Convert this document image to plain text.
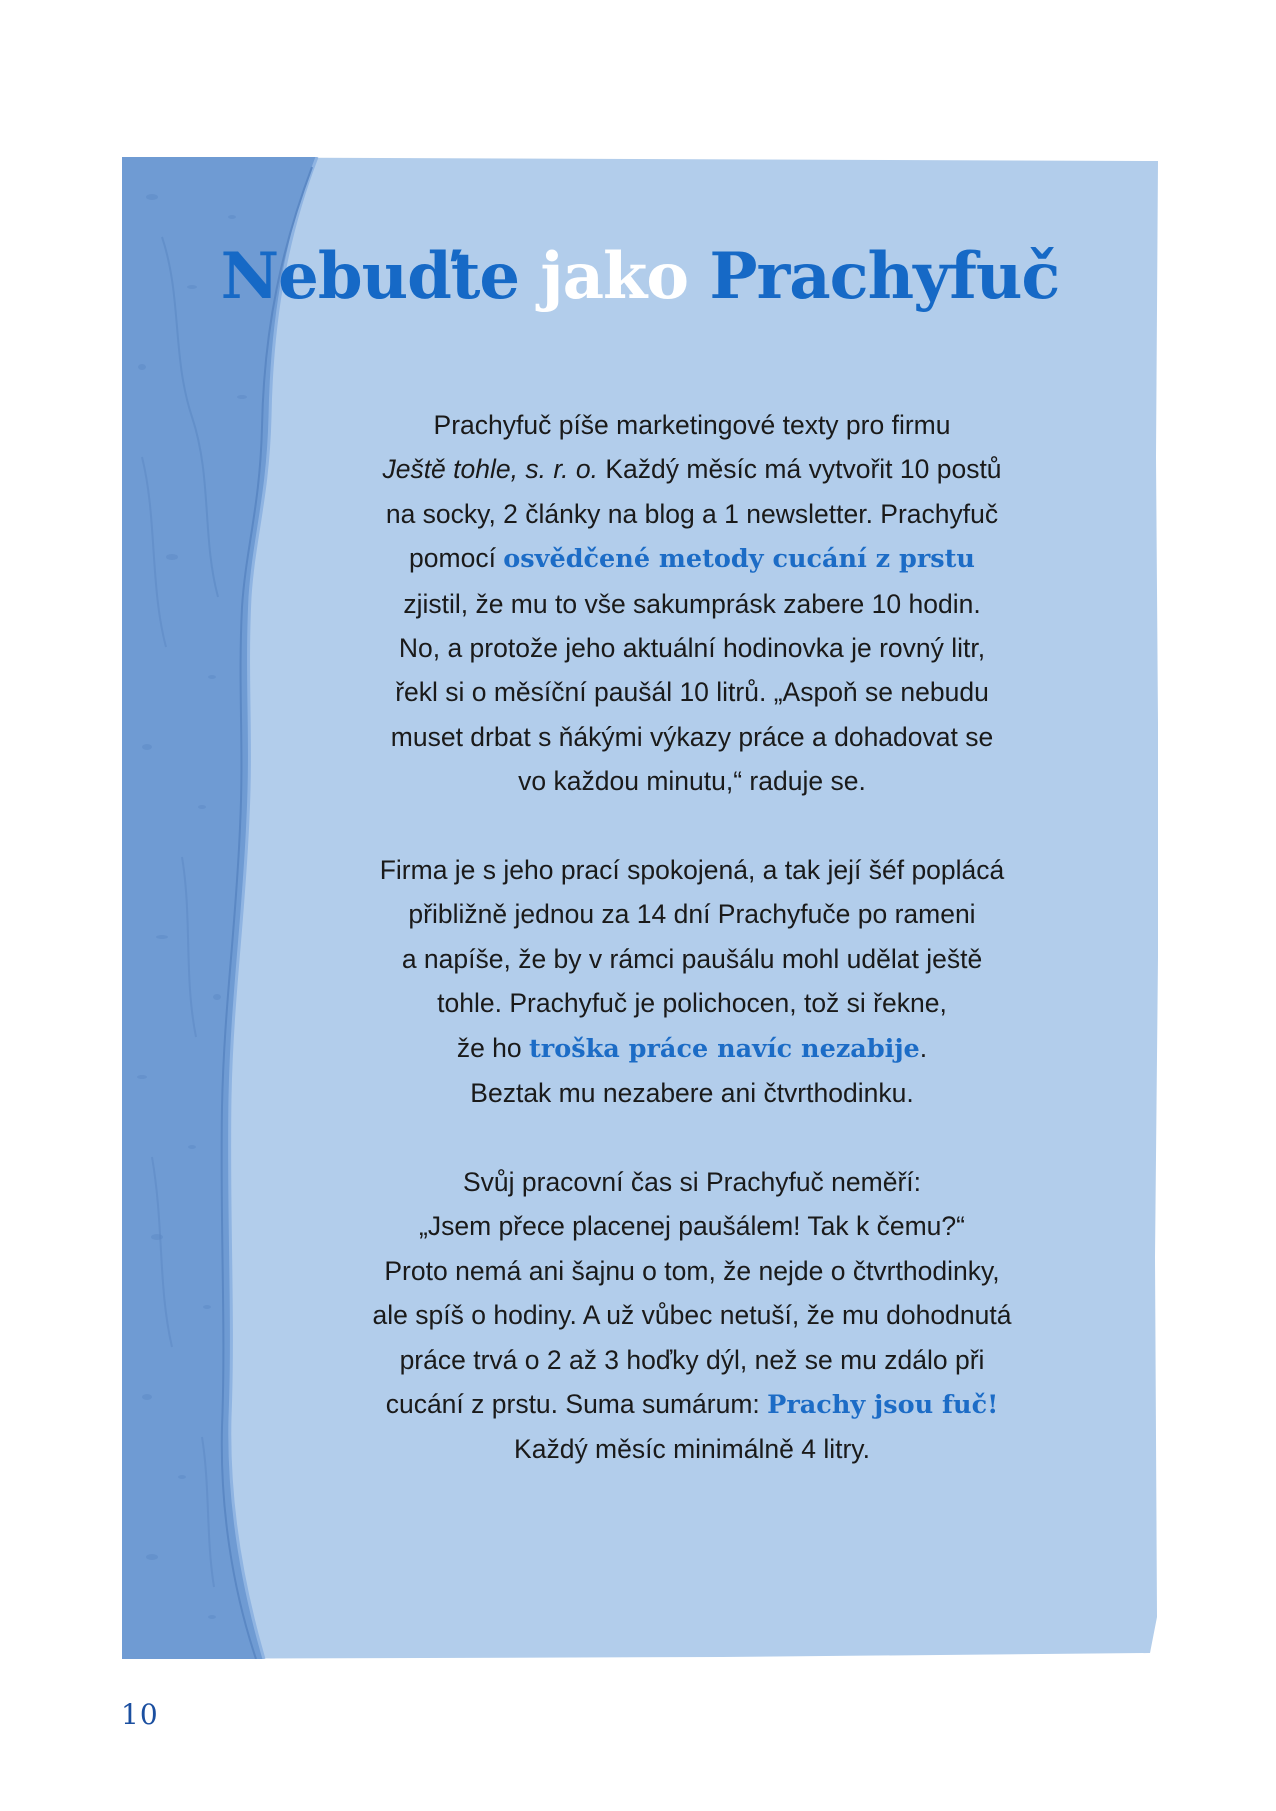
Nebuďte jako Prachyfuč
Prachyfuč píše marketingové texty pro firmu
Ještě tohle, s. r. o. Každý měsíc má vytvořit 10 postů
na socky, 2 články na blog a 1 newsletter. Prachyfuč
pomocí osvědčené metody cucání z prstu
zjistil, že mu to vše sakumprásk zabere 10 hodin.
No, a protože jeho aktuální hodinovka je rovný litr,
řekl si o měsíční paušál 10 litrů. „Aspoň se nebudu
muset drbat s ňákými výkazy práce a dohadovat se
vo každou minutu,“ raduje se.
Firma je s jeho prací spokojená, a tak její šéf poplácá
přibližně jednou za 14 dní Prachyfuče po rameni
a napíše, že by v rámci paušálu mohl udělat ještě
tohle. Prachyfuč je polichocen, tož si řekne,
že ho troška práce navíc nezabije.
Beztak mu nezabere ani čtvrthodinku.
Svůj pracovní čas si Prachyfuč neměří:
„Jsem přece placenej paušálem! Tak k čemu?“
Proto nemá ani šajnu o tom, že nejde o čtvrthodinky,
ale spíš o hodiny. A už vůbec netuší, že mu dohodnutá
práce trvá o 2 až 3 hoďky dýl, než se mu zdálo při
cucání z prstu. Suma sumárum: Prachy jsou fuč!
Každý měsíc minimálně 4 litry.
10
